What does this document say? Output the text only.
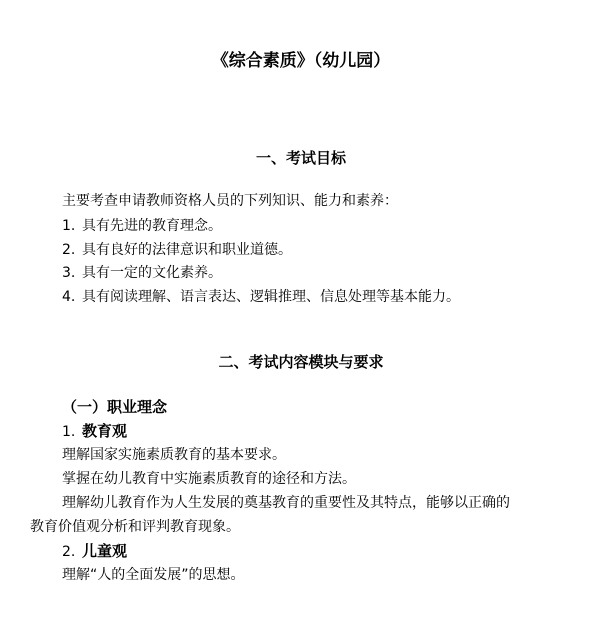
《综合素质》（幼儿园）
一、考试目标
主要考查申请教师资格人员的下列知识、能力和素养：
1. 具有先进的教育理念。
2. 具有良好的法律意识和职业道德。
3. 具有一定的文化素养。
4. 具有阅读理解、语言表达、逻辑推理、信息处理等基本能力。
二、考试内容模块与要求
（一）职业理念
1. 教育观
理解国家实施素质教育的基本要求。
掌握在幼儿教育中实施素质教育的途径和方法。
理解幼儿教育作为人生发展的奠基教育的重要性及其特点，能够以正确的
教育价值观分析和评判教育现象。
2. 儿童观
理解“人的全面发展”的思想。
